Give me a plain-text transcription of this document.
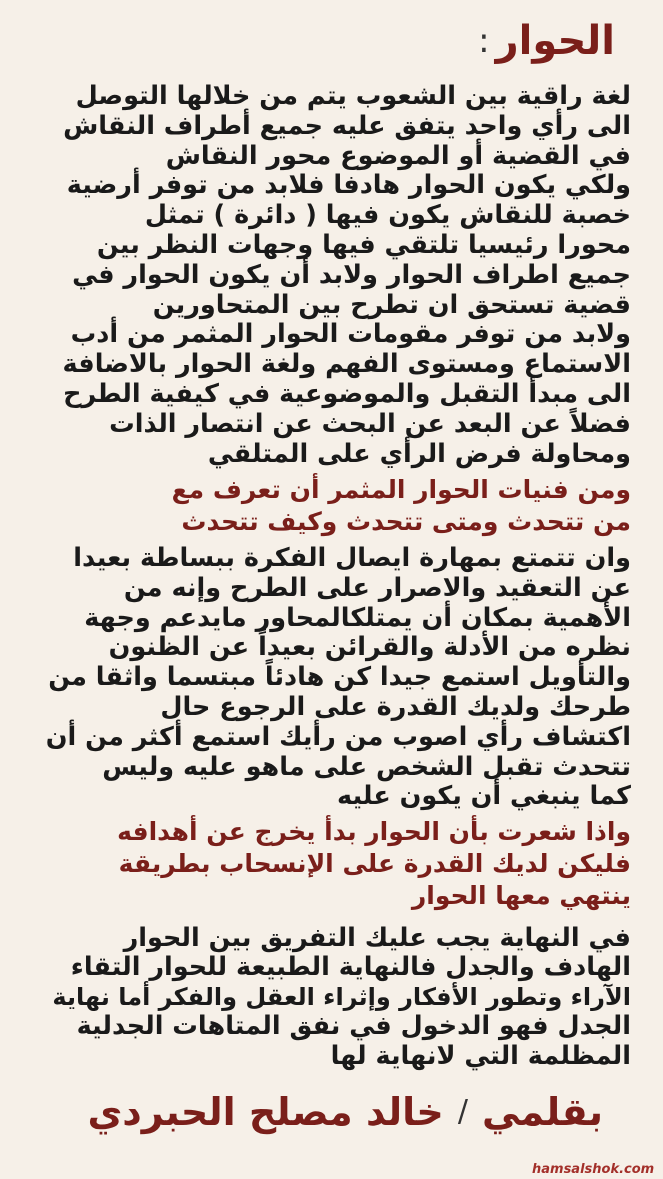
الحوار
:
لغة راقية بين الشعوب يتم من خلالها التوصل
الى رأي واحد يتفق عليه جميع أطراف النقاش
في القضية أو الموضوع محور النقاش
ولكي يكون الحوار هادفا فلابد من توفر أرضية
خصبة للنقاش يكون فيها ( دائرة ) تمثل
محورا رئيسيا تلتقي فيها وجهات النظر بين
جميع اطراف الحوار ولابد أن يكون الحوار في
قضية تستحق ان تطرح بين المتحاورين
ولابد من توفر مقومات الحوار المثمر من أدب
الاستماع ومستوى الفهم ولغة الحوار بالاضافة
الى مبدأ التقبل والموضوعية في كيفية الطرح
فضلاً عن البعد عن البحث عن انتصار الذات
ومحاولة فرض الرأي على المتلقي
ومن فنيات الحوار المثمر أن تعرف مع
من تتحدث ومتى تتحدث وكيف تتحدث
وان تتمتع بمهارة ايصال الفكرة ببساطة بعيدا
عن التعقيد والاصرار على الطرح وإنه من
الأهمية بمكان أن يمتلكالمحاور مايدعم وجهة
نظره من الأدلة والقرائن بعيداً عن الظنون
والتأويل استمع جيدا كن هادئاً مبتسما واثقا من
طرحك ولديك القدرة على الرجوع حال
اكتشاف رأي اصوب من رأيك استمع أكثر من أن
تتحدث تقبل الشخص على ماهو عليه وليس
كما ينبغي أن يكون عليه
واذا شعرت بأن الحوار بدأ يخرج عن أهدافه
فليكن لديك القدرة على الإنسحاب بطريقة
ينتهي معها الحوار
في النهاية يجب عليك التفريق بين الحوار
الهادف والجدل فالنهاية الطبيعة للحوار التقاء
الآراء وتطور الأفكار وإثراء العقل والفكر أما نهاية
الجدل فهو الدخول في نفق المتاهات الجدلية
المظلمة التي لانهاية لها
بقلمي
/
خالد مصلح الحبردي
hamsalshok.com
